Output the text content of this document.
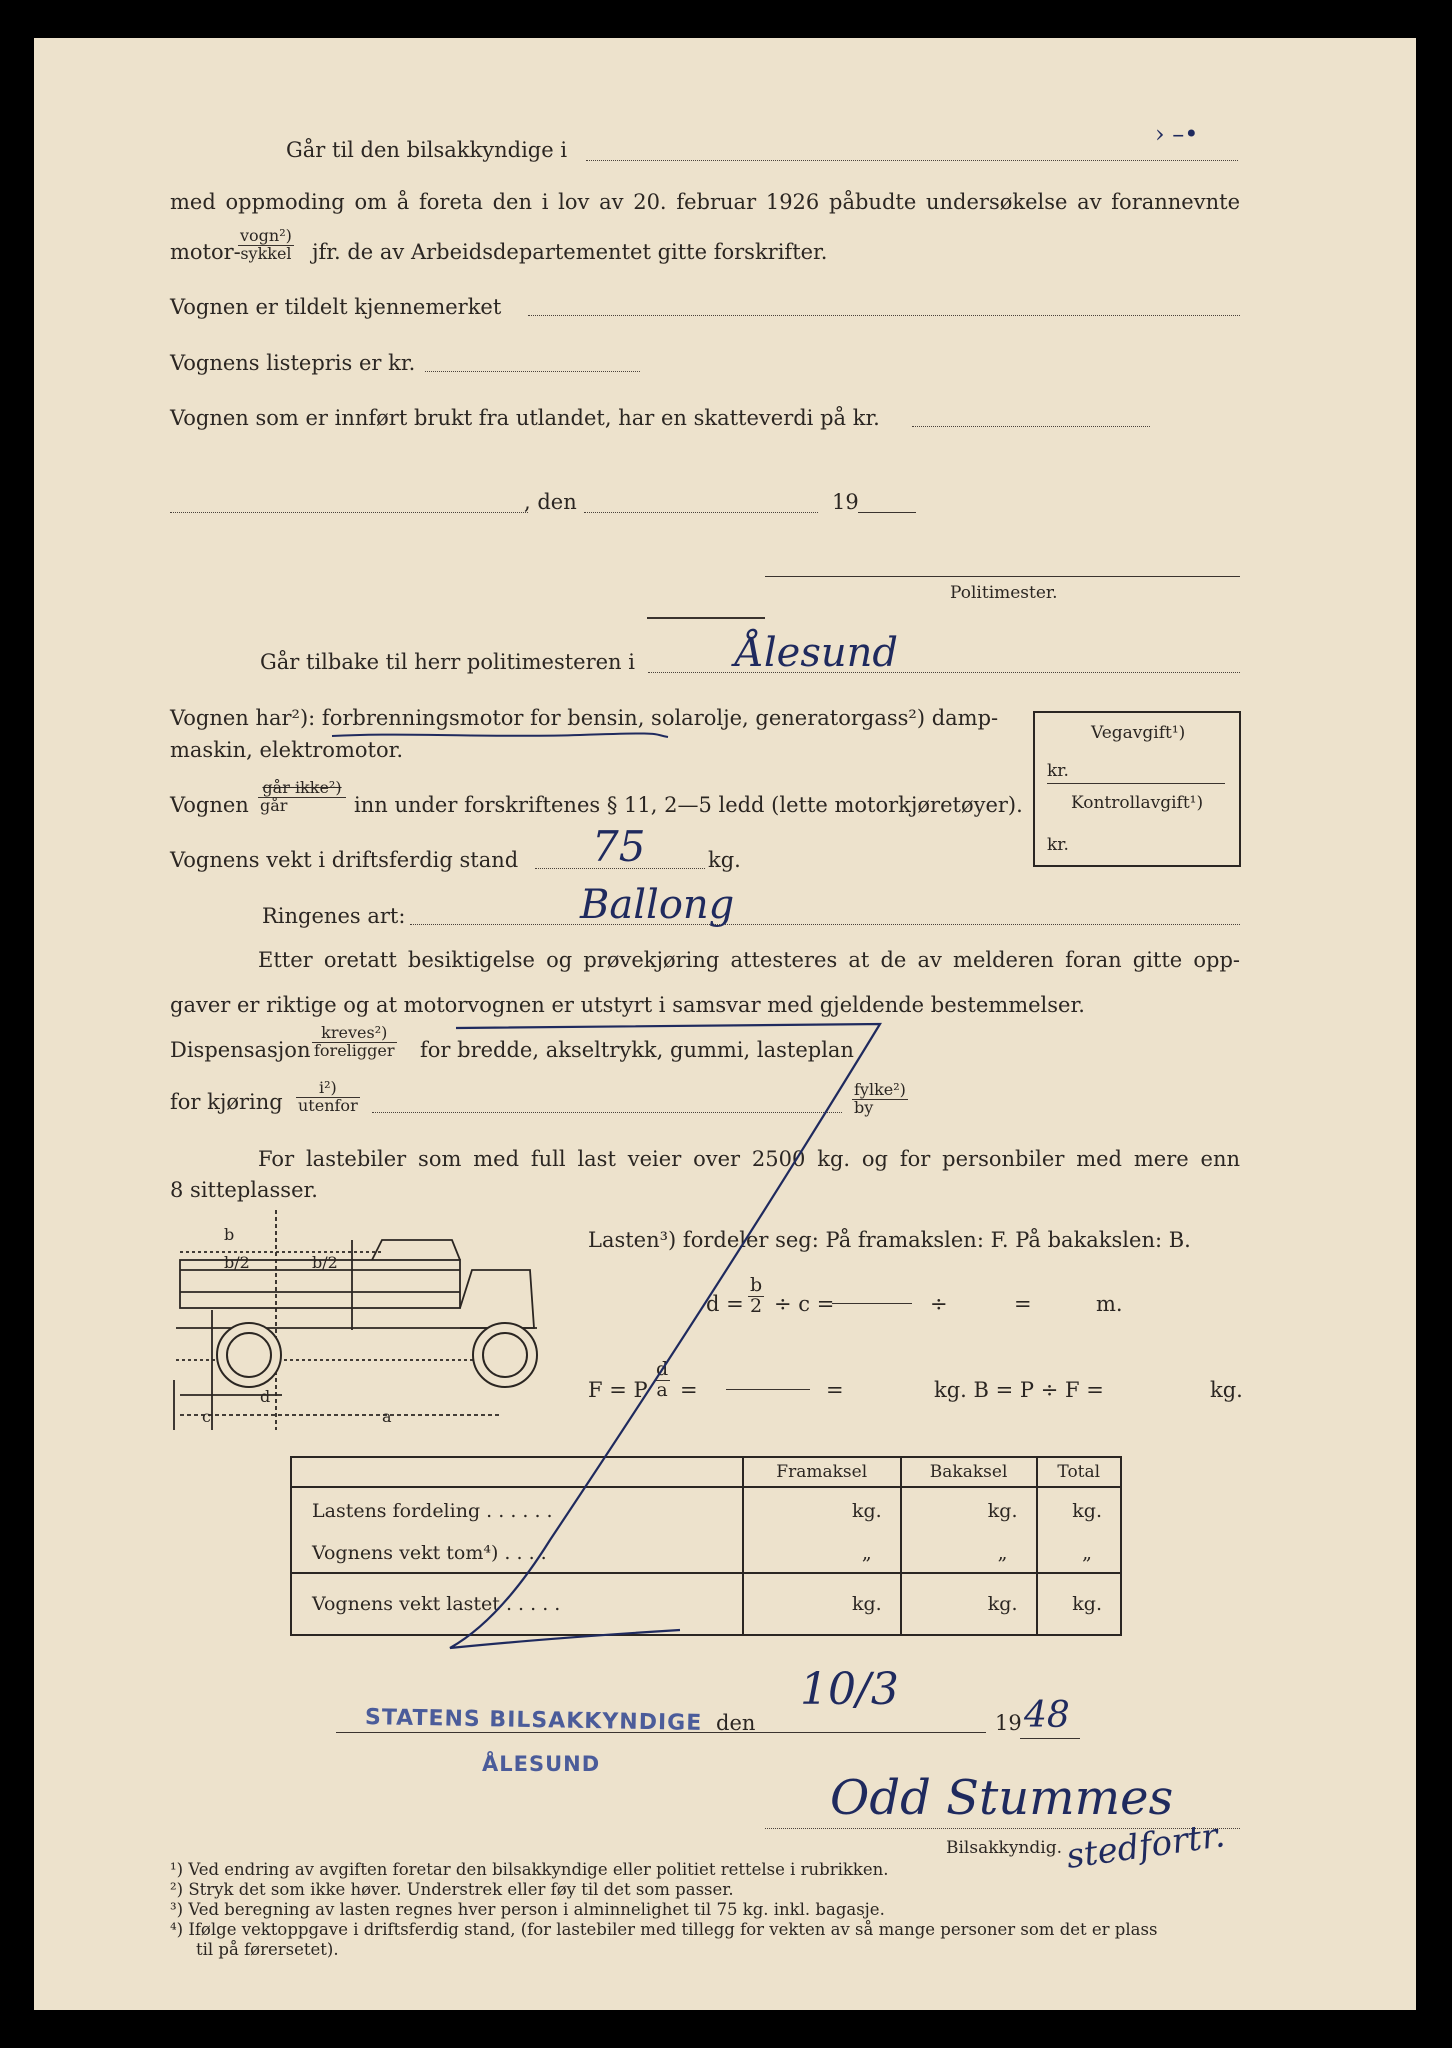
Går til den bilsakkyndige i
› –•
med oppmoding om å foreta den i lov av 20. februar 1926 påbudte undersøkelse av forannevnte
motor-
vogn²)
sykkel jfr. de av Arbeidsdepartementet gitte forskrifter.
Vognen er tildelt kjennemerket
Vognens listepris er kr.
Vognen som er innført brukt fra utlandet, har en skatteverdi på kr.
, den	19
Politimester.
Går tilbake til herr politimesteren i	Ålesund
Vognen har²): forbrenningsmotor for bensin, solarolje, generatorgass²) damp-
maskin, elektromotor.
Vognen
går ikke²)
går	inn under forskriftenes § 11, 2—5 ledd (lette motorkjøretøyer).
Vognens vekt i driftsferdig stand 75	kg.
Ringenes art:	Ballong
Vegavgift¹)
kr.
Kontrollavgift¹)
kr.
Etter oretatt besiktigelse og prøvekjøring attesteres at de av melderen foran gitte opp-
gaver er riktige og at motorvognen er utstyrt i samsvar med gjeldende bestemmelser.
Dispensasjon
kreves²)
foreligger for bredde, akseltrykk, gummi, lasteplan
for kjøring
i²)
utenfor
fylke²)
by
For lastebiler som med full last veier over 2500 kg. og for personbiler med mere enn
8 sitteplasser.
b
b/2	b/2
c	a
d
Lasten³) fordeler seg: På framakslen: F. På bakakslen: B.
$d = \frac{b}{2} \div c$ =	÷	=	m.
F = P $\frac{d}{a}$ =	=	kg. B = P ÷ F =	kg.
	Framaksel	Bakaksel	Total
Lastens fordeling . . . . . .	kg.	kg.	kg.
Vognens vekt tom⁴) . . . .	„	„	„
Vognens vekt lastet . . . . .	kg.	kg.	kg.
STATENS BILSAKKYNDIGE
ÅLESUND
den
10/3
19 48
Odd Stummes
Bilsakkyndig. stedfortr.
¹) Ved endring av avgiften foretar den bilsakkyndige eller politiet rettelse i rubrikken.
²) Stryk det som ikke høver. Understrek eller føy til det som passer.
³) Ved beregning av lasten regnes hver person i alminnelighet til 75 kg. inkl. bagasje.
⁴) Ifølge vektoppgave i driftsferdig stand, (for lastebiler med tillegg for vekten av så mange personer som det er plass
til på førersetet).
